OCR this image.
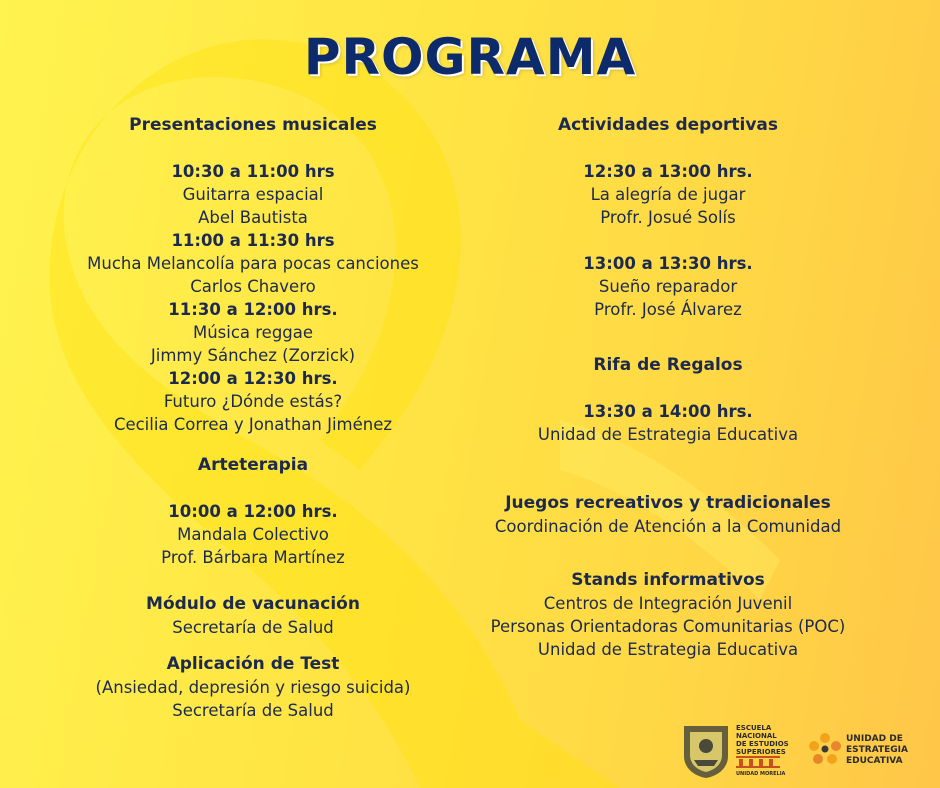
PROGRAMA
Presentaciones musicales
10:30 a 11:00 hrs
Guitarra espacial
Abel Bautista
11:00 a 11:30 hrs
Mucha Melancolía para pocas canciones
Carlos Chavero
11:30 a 12:00 hrs.
Música reggae
Jimmy Sánchez (Zorzick)
12:00 a 12:30 hrs.
Futuro ¿Dónde estás?
Cecilia Correa y Jonathan Jiménez
Arteterapia
10:00 a 12:00 hrs.
Mandala Colectivo
Prof. Bárbara Martínez
Módulo de vacunación
Secretaría de Salud
Aplicación de Test
(Ansiedad, depresión y riesgo suicida)
Secretaría de Salud
Actividades deportivas
12:30 a 13:00 hrs.
La alegría de jugar
Profr. Josué Solís
13:00 a 13:30 hrs.
Sueño reparador
Profr. José Álvarez
Rifa de Regalos
13:30 a 14:00 hrs.
Unidad de Estrategia Educativa
Juegos recreativos y tradicionales
Coordinación de Atención a la Comunidad
Stands informativos
Centros de Integración Juvenil
Personas Orientadoras Comunitarias (POC)
Unidad de Estrategia Educativa
ESCUELA
NACIONAL
DE ESTUDIOS
SUPERIORES
UNIDAD MORELIA
UNIDAD DE
ESTRATEGIA
EDUCATIVA
